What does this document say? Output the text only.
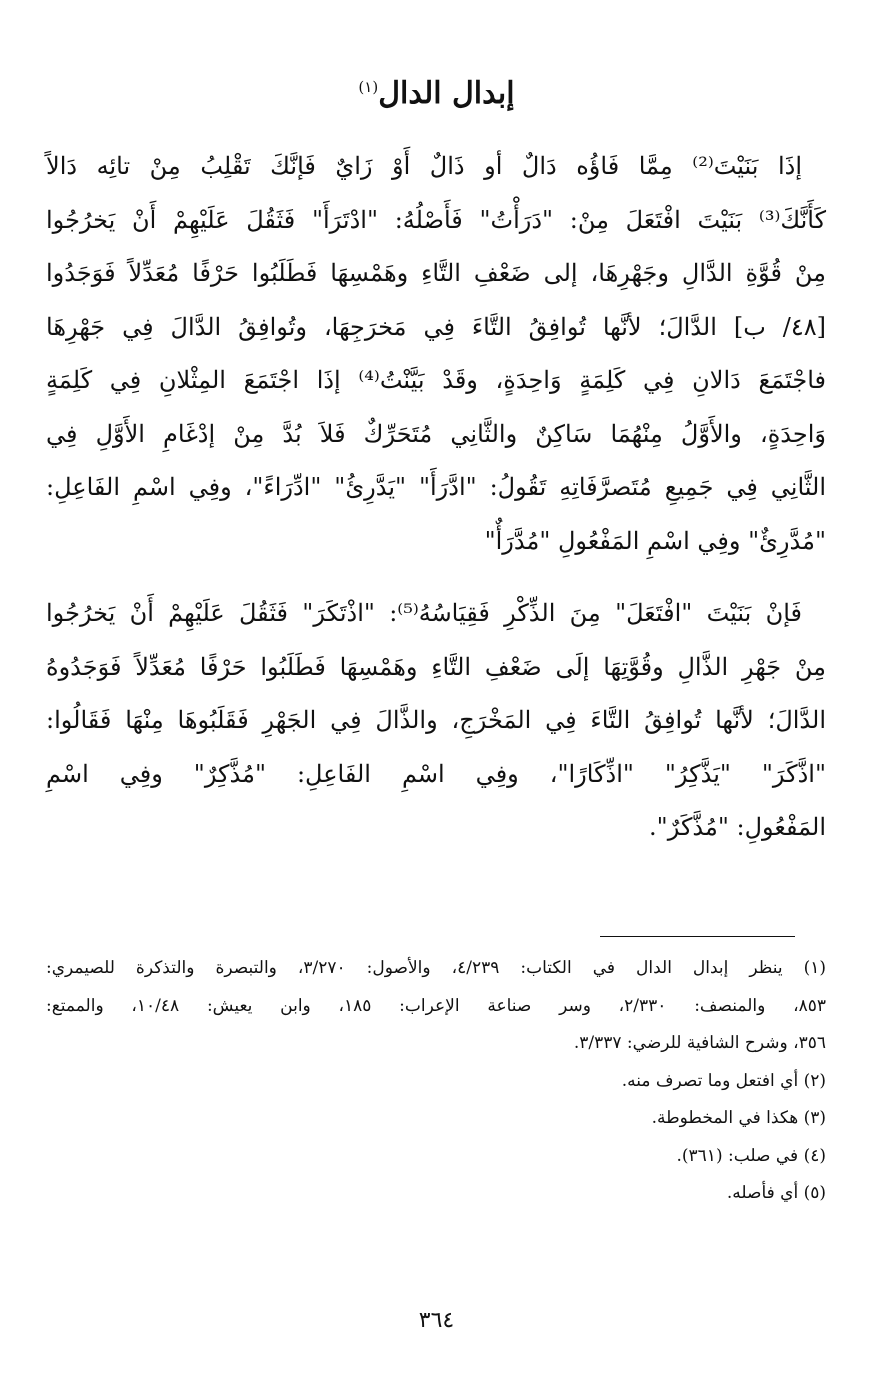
إبدال الدال$^{(١)}$
إذَا بَنَيْتَ⁽²⁾ مِمَّا فَاؤُه دَالٌ أو ذَالٌ أَوْ زَايٌ فَإنَّكَ تَقْلِبُ مِنْ تائِه دَالاً
كَأَنَّكَ⁽³⁾ بَنَيْتَ افْتَعَلَ مِنْ: "دَرَأْتُ" فَأَصْلُهُ: "ادْتَرَأَ" فَثَقُلَ عَلَيْهِمْ أَنْ يَخرُجُوا
مِنْ قُوَّةِ الدَّالِ وجَهْرِهَا، إلى ضَعْفِ التَّاءِ وهَمْسِهَا فَطَلَبُوا حَرْفًا مُعَدِّلاً فَوَجَدُوا
[٤٨/ ب] الدَّالَ؛ لأنَّها تُوافِقُ التَّاءَ فِي مَخرَجِهَا، وتُوافِقُ الدَّالَ فِي جَهْرِهَا
فاجْتَمَعَ دَالانِ فِي كَلِمَةٍ وَاحِدَةٍ، وقَدْ بَيَّنْتُ⁽⁴⁾ إذَا اجْتَمَعَ المِثْلانِ فِي كَلِمَةٍ
وَاحِدَةٍ، والأَوَّلُ مِنْهُمَا سَاكِنٌ والثَّانِي مُتَحَرِّكٌ فَلاَ بُدَّ مِنْ إدْغَامِ الأَوَّلِ فِي
الثَّانِي فِي جَمِيعِ مُتَصرَّفَاتِهِ تَقُولُ: "ادَّرَأَ" "يَدَّرِئُ" "ادِّرَاءً"، وفِي اسْمِ الفَاعِلِ:
"مُدَّرِئٌ" وفِي اسْمِ المَفْعُولِ "مُدَّرَأٌ"
فَإنْ بَنَيْتَ "افْتَعَلَ" مِنَ الذِّكْرِ فَقِيَاسُهُ⁽⁵⁾: "اذْتَكَرَ" فَثَقُلَ عَلَيْهِمْ أَنْ يَخرُجُوا
مِنْ جَهْرِ الذَّالِ وقُوَّتِهَا إلَى ضَعْفِ التَّاءِ وهَمْسِهَا فَطَلَبُوا حَرْفًا مُعَدِّلاً فَوَجَدُوهُ
الدَّالَ؛ لأنَّها تُوافِقُ التَّاءَ فِي المَخْرَجِ، والذَّالَ فِي الجَهْرِ فَقَلَبُوهَا مِنْهَا فَقَالُوا:
"اذَّكَرَ" "يَذَّكِرُ" "اذِّكَارًا"، وفِي اسْمِ الفَاعِلِ: "مُذَّكِرٌ" وفِي اسْمِ
المَفْعُولِ: "مُذَّكَرٌ".
(١) ينظر إبدال الدال في الكتاب: ٤/٢٣٩، والأصول: ٣/٢٧٠، والتبصرة والتذكرة للصيمري:
٨٥٣، والمنصف: ٢/٣٣٠، وسر صناعة الإعراب: ١٨٥، وابن يعيش: ١٠/٤٨، والممتع:
٣٥٦، وشرح الشافية للرضي: ٣/٣٣٧.
(٢) أي افتعل وما تصرف منه.
(٣) هكذا في المخطوطة.
(٤) في صلب: (٣٦١).
(٥) أي فأصله.

٣٦٤
